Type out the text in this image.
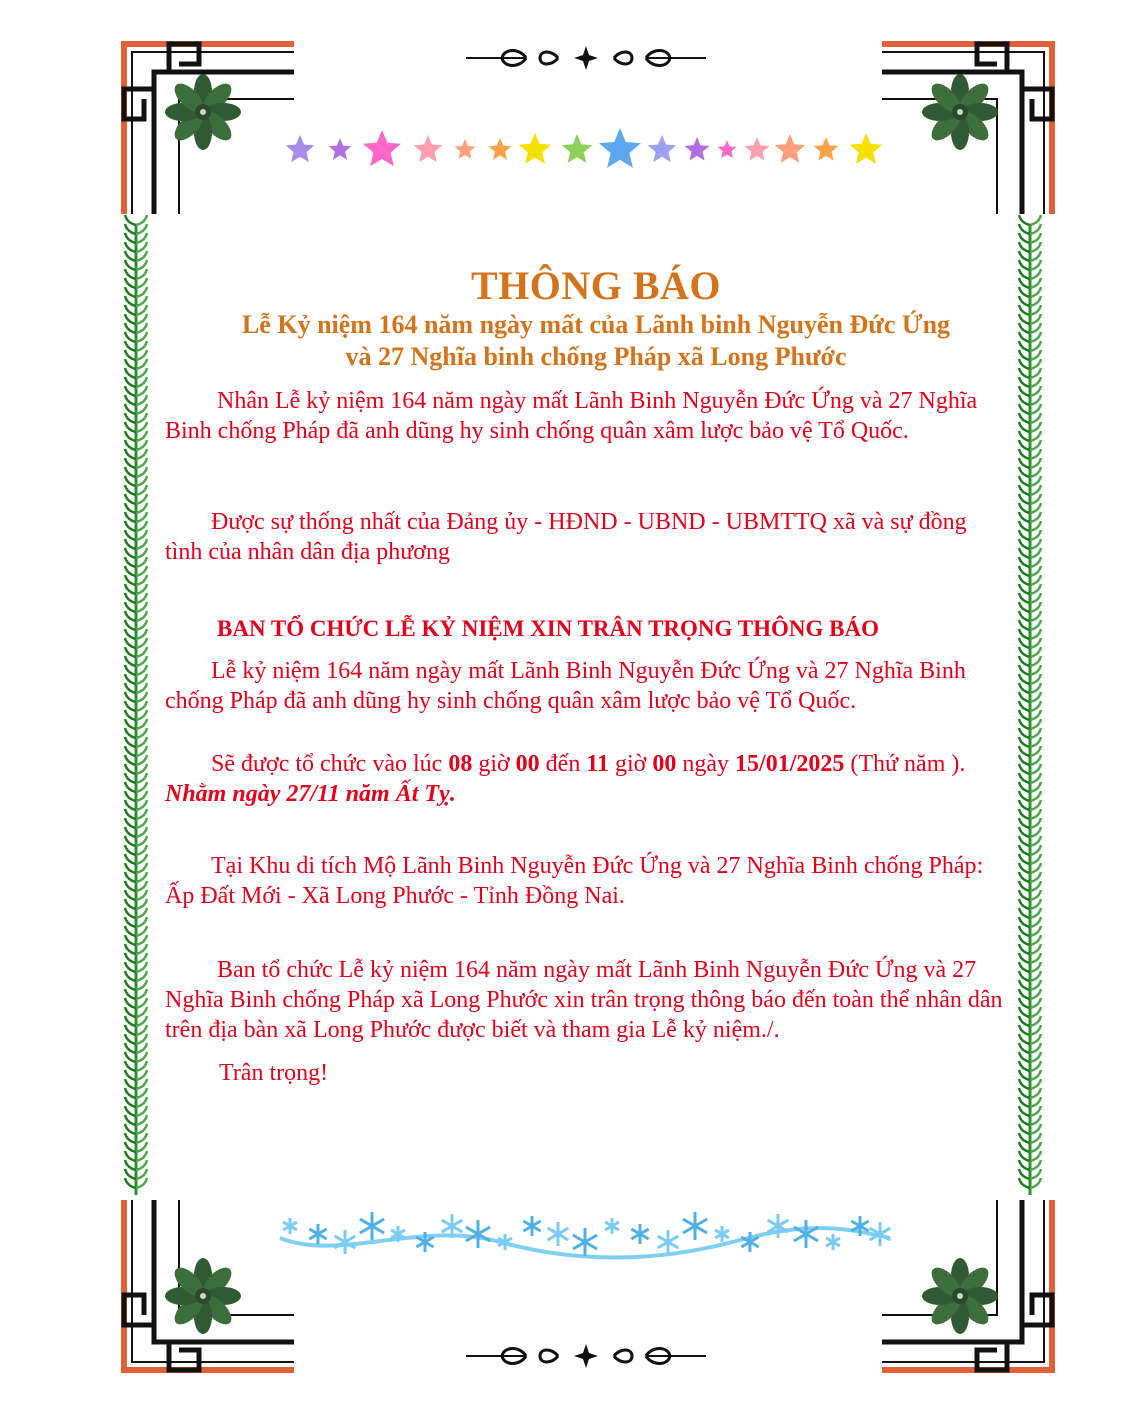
THÔNG BÁO
Lễ Kỷ niệm 164 năm ngày mất của Lãnh binh Nguyễn Đức Ứng
và 27 Nghĩa binh chống Pháp xã Long Phước
Nhân Lễ kỷ niệm 164 năm ngày mất Lãnh Binh Nguyễn Đức Ứng và 27 Nghĩa Binh chống Pháp đã anh dũng hy sinh chống quân xâm lược bảo vệ Tổ Quốc.
Được sự thống nhất của Đảng ủy - HĐND - UBND - UBMTTQ xã và sự đồng tình của nhân dân địa phương
BAN TỔ CHỨC LỄ KỶ NIỆM XIN TRÂN TRỌNG THÔNG BÁO
Lễ kỷ niệm 164 năm ngày mất Lãnh Binh Nguyễn Đức Ứng và 27 Nghĩa Binh chống Pháp đã anh dũng hy sinh chống quân xâm lược bảo vệ Tổ Quốc.
Sẽ được tổ chức vào lúc 08 giờ 00 đến 11 giờ 00 ngày 15/01/2025 (Thứ năm ). Nhằm ngày 27/11 năm Ất Tỵ.
Tại Khu di tích Mộ Lãnh Binh Nguyễn Đức Ứng và 27 Nghĩa Binh chống Pháp: Ấp Đất Mới - Xã Long Phước - Tỉnh Đồng Nai.
Ban tổ chức Lễ kỷ niệm 164 năm ngày mất Lãnh Binh Nguyễn Đức Ứng và 27 Nghĩa Binh chống Pháp xã Long Phước xin trân trọng thông báo đến toàn thể nhân dân trên địa bàn xã Long Phước được biết và tham gia Lễ kỷ niệm./.
Trân trọng!
